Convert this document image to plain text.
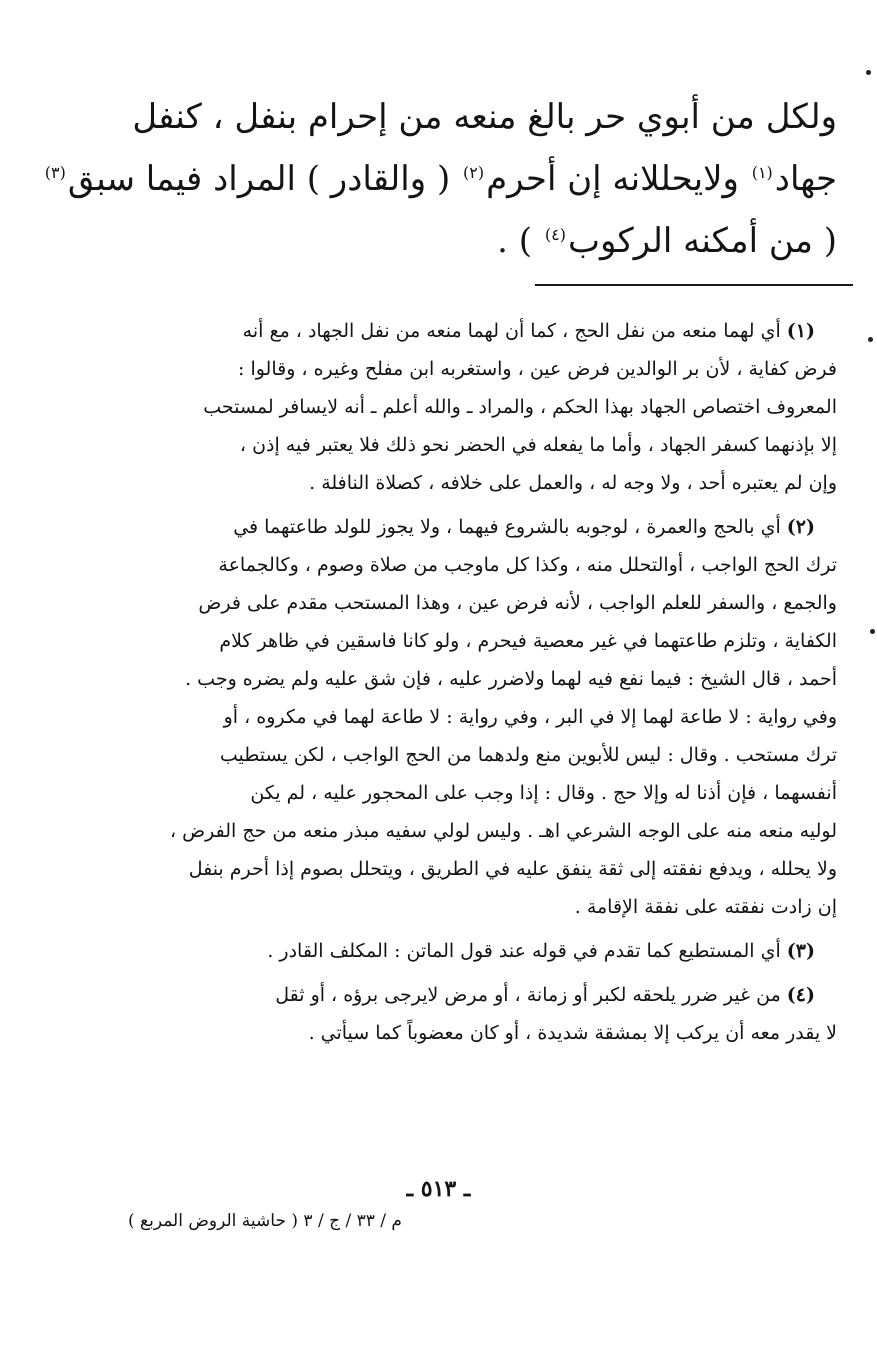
ولكل من أبوي حر بالغ منعه من إحرام بنفل ، كنفل
جهاد$^{(١)}$ ولايحللانه إن أحرم$^{(٢)}$ ( والقادر ) المراد فيما سبق$^{(٣)}$
( من أمكنه الركوب$^{(٤)}$ ) .
(١)أي لهما منعه من نفل الحج ، كما أن لهما منعه من نفل الجهاد ، مع أنه
فرض كفاية ، لأن بر الوالدين فرض عين ، واستغربه ابن مفلح وغيره ، وقالوا :
المعروف اختصاص الجهاد بهذا الحكم ، والمراد ـ والله أعلم ـ أنه لايسافر لمستحب
إلا بإذنهما كسفر الجهاد ، وأما ما يفعله في الحضر نحو ذلك فلا يعتبر فيه إذن ،
وإن لم يعتبره أحد ، ولا وجه له ، والعمل على خلافه ، كصلاة النافلة .
(٢)أي بالحج والعمرة ، لوجوبه بالشروع فيهما ، ولا يجوز للولد طاعتهما في
ترك الحج الواجب ، أوالتحلل منه ، وكذا كل ماوجب من صلاة وصوم ، وكالجماعة
والجمع ، والسفر للعلم الواجب ، لأنه فرض عين ، وهذا المستحب مقدم على فرض
الكفاية ، وتلزم طاعتهما في غير معصية فيحرم ، ولو كانا فاسقين في ظاهر كلام
أحمد ، قال الشيخ : فيما نفع فيه لهما ولاضرر عليه ، فإن شق عليه ولم يضره وجب .
وفي رواية : لا طاعة لهما إلا في البر ، وفي رواية : لا طاعة لهما في مكروه ، أو
ترك مستحب . وقال : ليس للأبوين منع ولدهما من الحج الواجب ، لكن يستطيب
أنفسهما ، فإن أذنا له وإلا حج . وقال : إذا وجب على المحجور عليه ، لم يكن
لوليه منعه منه على الوجه الشرعي اهـ . وليس لولي سفيه مبذر منعه من حج الفرض ،
ولا يحلله ، ويدفع نفقته إلى ثقة ينفق عليه في الطريق ، ويتحلل بصوم إذا أحرم بنفل
إن زادت نفقته على نفقة الإقامة .
(٣)أي المستطيع كما تقدم في قوله عند قول الماتن : المكلف القادر .
(٤)من غير ضرر يلحقه لكبر أو زمانة ، أو مرض لايرجى برؤه ، أو ثقل
لا يقدر معه أن يركب إلا بمشقة شديدة ، أو كان معضوباً كما سيأتي .
ـ ٥١٣ ـ
م / ٣٣ / ج / ٣ ( حاشية الروض المربع )
